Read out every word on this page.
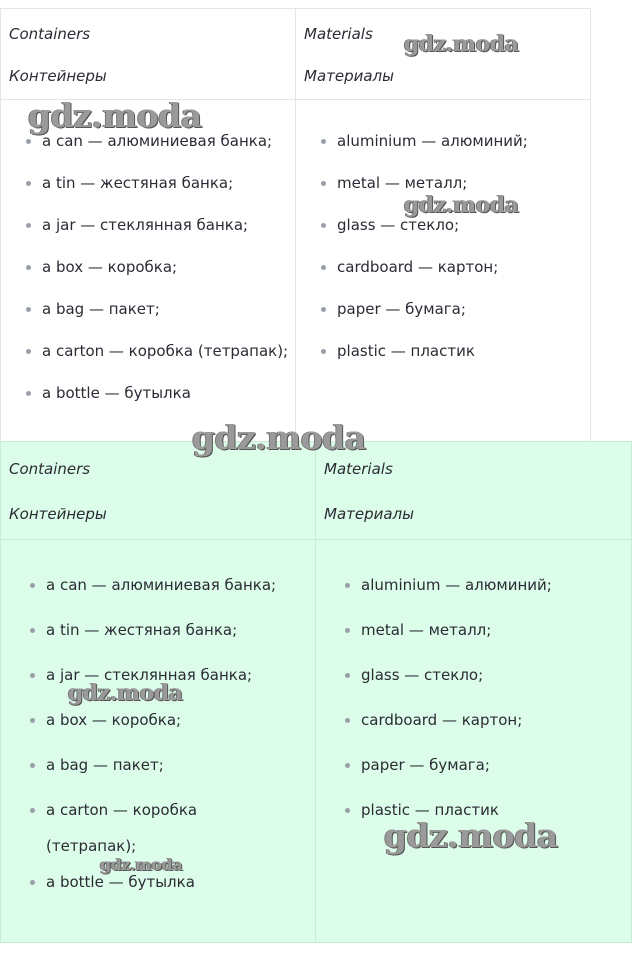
Containers

Контейнеры

Materials

Материалы

a can — алюминиевая банка;
a tin — жестяная банка;
a jar — стеклянная банка;
a box — коробка;
a bag — пакет;
a carton — коробка (тетрапак);
a bottle — бутылка
aluminium — алюминий;
metal — металл;
glass — стекло;
cardboard — картон;
paper — бумага;
plastic — пластик

Containers

Контейнеры

Materials

Материалы

a can — алюминиевая банка;
a tin — жестяная банка;
a jar — стеклянная банка;
a box — коробка;
a bag — пакет;
a carton — коробка (тетрапак);
a bottle — бутылка
aluminium — алюминий;
metal — металл;
glass — стекло;
cardboard — картон;
paper — бумага;
plastic — пластик
gdz.moda
gdz.moda
gdz.moda
gdz.moda
gdz.moda
gdz.moda
gdz.moda
